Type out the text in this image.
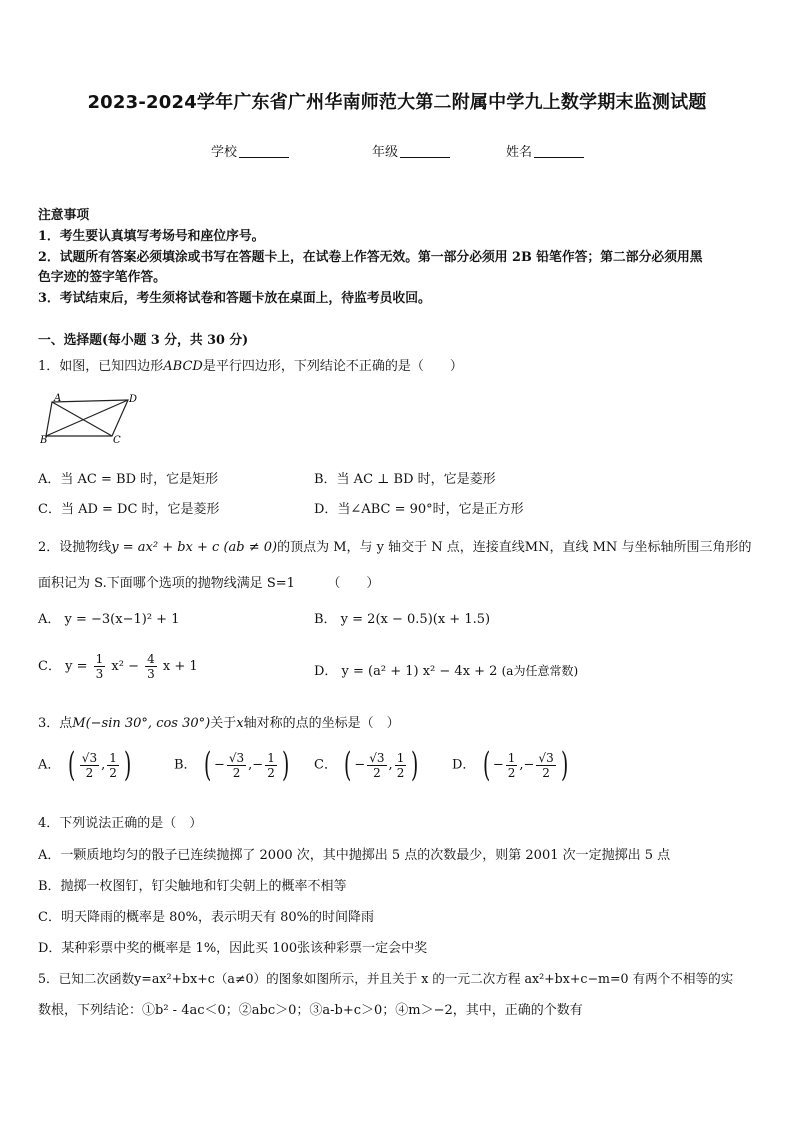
2023-2024学年广东省广州华南师范大第二附属中学九上数学期末监测试题
学校	年级	姓名
注意事项
1．考生要认真填写考场号和座位序号。
2．试题所有答案必须填涂或书写在答题卡上，在试卷上作答无效。第一部分必须用 2B 铅笔作答；第二部分必须用黑
色字迹的签字笔作答。
3．考试结束后，考生须将试卷和答题卡放在桌面上，待监考员收回。
一、选择题(每小题 3 分，共 30 分)
1．如图，已知四边形ABCD是平行四边形，下列结论不正确的是（　　）
A	D
B	C
A．当 AC = BD 时，它是矩形	B．当 AC ⊥ BD 时，它是菱形
C．当 AD = DC 时，它是菱形	D．当∠ABC = 90°时，它是正方形
2．设抛物线y = ax² + bx + c (ab ≠ 0)的顶点为 M，与 y 轴交于 N 点，连接直线MN，直线 MN 与坐标轴所围三角形的
面积记为 S.下面哪个选项的抛物线满足 S=1　　　（　　）
A． y = −3(x−1)² + 1	B． y = 2(x − 0.5)(x + 1.5)
C． $y = \frac{1}{3} x^2 - \frac{4}{3}$ x + 1	D． y = (a² + 1) x² − 4x + 2 (a为任意常数)
3．点M(−sin 30°, cos 30°)关于x轴对称的点的坐标是（　）
A． ( $\frac{√3}{2}$ , $\frac{1}{2}$ )	B． ( − $\frac{√3}{2}$ ,− $\frac{1}{2}$ ) C． ( − $\frac{√3}{2}$ , $\frac{1}{2}$ )	D． ( − $\frac{1}{2}$ ,− $\frac{√3}{2}$ )
4．下列说法正确的是（　）
A．一颗质地均匀的骰子已连续抛掷了 2000 次，其中抛掷出 5 点的次数最少，则第 2001 次一定抛掷出 5 点
B．抛掷一枚图钉，钉尖触地和钉尖朝上的概率不相等
C．明天降雨的概率是 80%，表示明天有 80%的时间降雨
D．某种彩票中奖的概率是 1%，因此买 100张该种彩票一定会中奖
5．已知二次函数y=ax²+bx+c（a≠0）的图象如图所示，并且关于 x 的一元二次方程 ax²+bx+c−m=0 有两个不相等的实
数根，下列结论：①b² - 4ac＜0；②abc＞0；③a-b+c＞0；④m＞−2，其中，正确的个数有
